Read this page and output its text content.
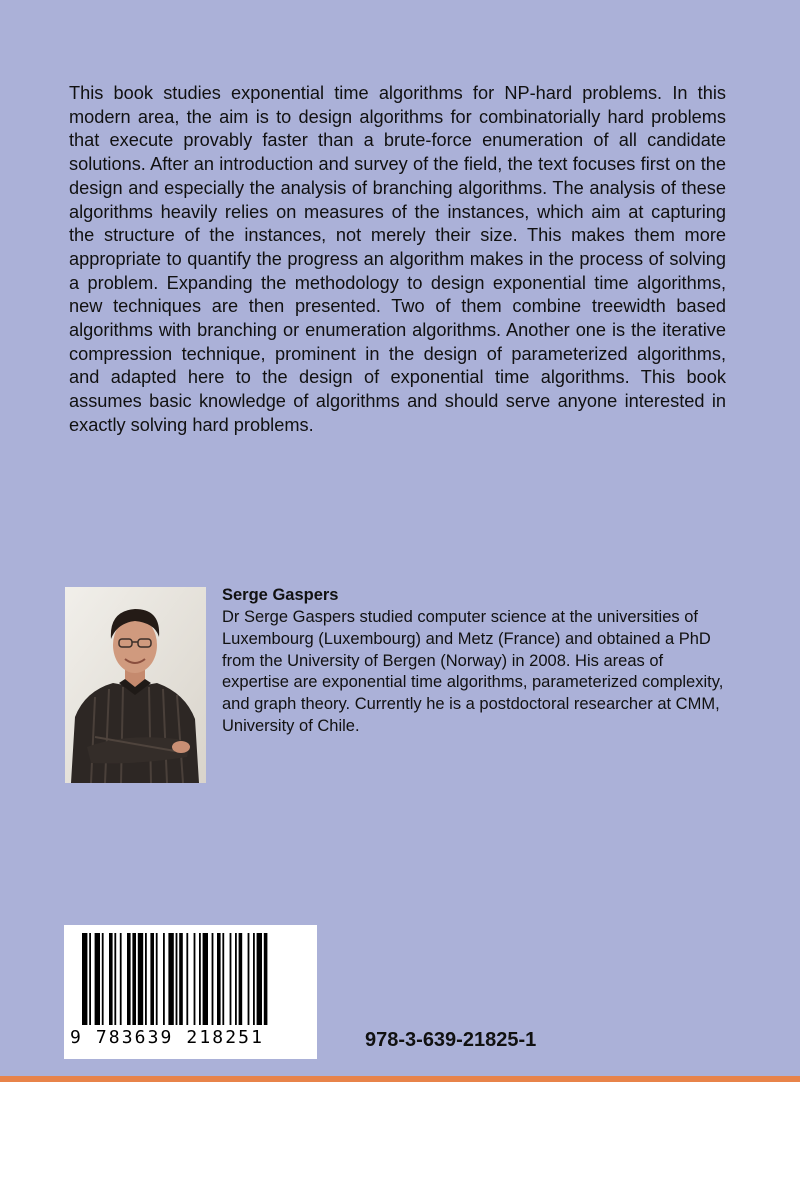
This book studies exponential time algorithms for NP-hard problems. In this modern area, the aim is to design algorithms for combinatorially hard problems that execute provably faster than a brute-force enumeration of all candidate solutions. After an introduction and survey of the field, the text focuses first on the design and especially the analysis of branching algorithms. The analysis of these algorithms heavily relies on measures of the instances, which aim at capturing the structure of the instances, not merely their size. This makes them more appropriate to quantify the progress an algorithm makes in the process of solving a problem. Expanding the methodology to design exponential time algorithms, new techniques are then presented. Two of them combine treewidth based algorithms with branching or enumeration algorithms. Another one is the iterative compression technique, prominent in the design of parameterized algorithms, and adapted here to the design of exponential time algorithms. This book assumes basic knowledge of algorithms and should serve anyone interested in exactly solving hard problems.

Serge Gaspers

Dr Serge Gaspers studied computer science at the universities of Luxembourg (Luxembourg) and Metz (France) and obtained a PhD from the University of Bergen (Norway) in 2008. His areas of expertise are exponential time algorithms, parameterized complexity, and graph theory. Currently he is a postdoctoral researcher at CMM, University of Chile.

9 783639 218251	978-3-639-21825-1
